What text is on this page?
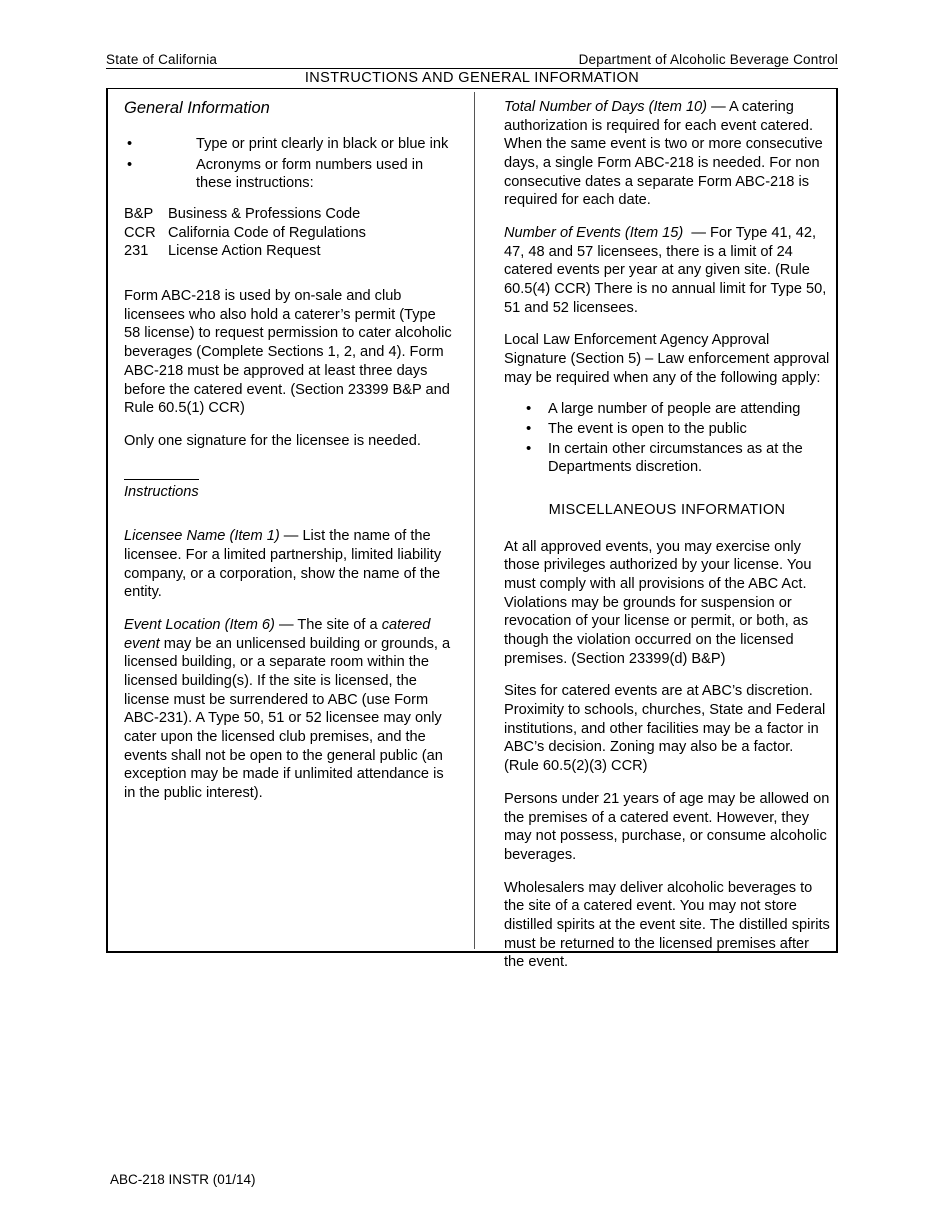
State of California	Department of Alcoholic Beverage Control
INSTRUCTIONS AND GENERAL INFORMATION
General Information
•	Type or print clearly in black or blue ink
•	Acronyms or form numbers used in these instructions:
B&P	Business & Professions Code
CCR California Code of Regulations
231	License Action Request

Form ABC-218 is used by on-sale and club licensees who also hold a caterer’s permit (Type 58 license) to request permission to cater alcoholic beverages (Complete Sections 1, 2, and 4). Form ABC-218 must be approved at least three days before the catered event. (Section 23399 B&P and Rule 60.5(1) CCR)

Only one signature for the licensee is needed.

Instructions

Licensee Name (Item 1) — List the name of the licensee. For a limited partnership, limited liability company, or a corporation, show the name of the entity.

Event Location (Item 6) — The site of a catered event may be an unlicensed building or grounds, a licensed building, or a separate room within the licensed building(s). If the site is licensed, the license must be surrendered to ABC (use Form ABC-231). A Type 50, 51 or 52 licensee may only cater upon the licensed club premises, and the events shall not be open to the general public (an exception may be made if unlimited attendance is in the public interest).

Total Number of Days (Item 10) — A catering authorization is required for each event catered. When the same event is two or more consecutive days, a single Form ABC-218 is needed. For non consecutive dates a separate Form ABC-218 is required for each date.

Number of Events (Item 15) — For Type 41, 42, 47, 48 and 57 licensees, there is a limit of 24 catered events per year at any given site. (Rule 60.5(4) CCR) There is no annual limit for Type 50, 51 and 52 licensees.

Local Law Enforcement Agency Approval Signature (Section 5) – Law enforcement approval may be required when any of the following apply:

• A large number of people are attending
• The event is open to the public
• In certain other circumstances as at the Departments discretion.
MISCELLANEOUS INFORMATION

At all approved events, you may exercise only those privileges authorized by your license. You must comply with all provisions of the ABC Act. Violations may be grounds for suspension or revocation of your license or permit, or both, as though the violation occurred on the licensed premises. (Section 23399(d) B&P)

Sites for catered events are at ABC’s discretion. Proximity to schools, churches, State and Federal institutions, and other facilities may be a factor in ABC’s decision. Zoning may also be a factor. (Rule 60.5(2)(3) CCR)

Persons under 21 years of age may be allowed on the premises of a catered event. However, they may not possess, purchase, or consume alcoholic beverages.

Wholesalers may deliver alcoholic beverages to the site of a catered event. You may not store distilled spirits at the event site. The distilled spirits must be returned to the licensed premises after the event.

ABC-218 INSTR (01/14)
